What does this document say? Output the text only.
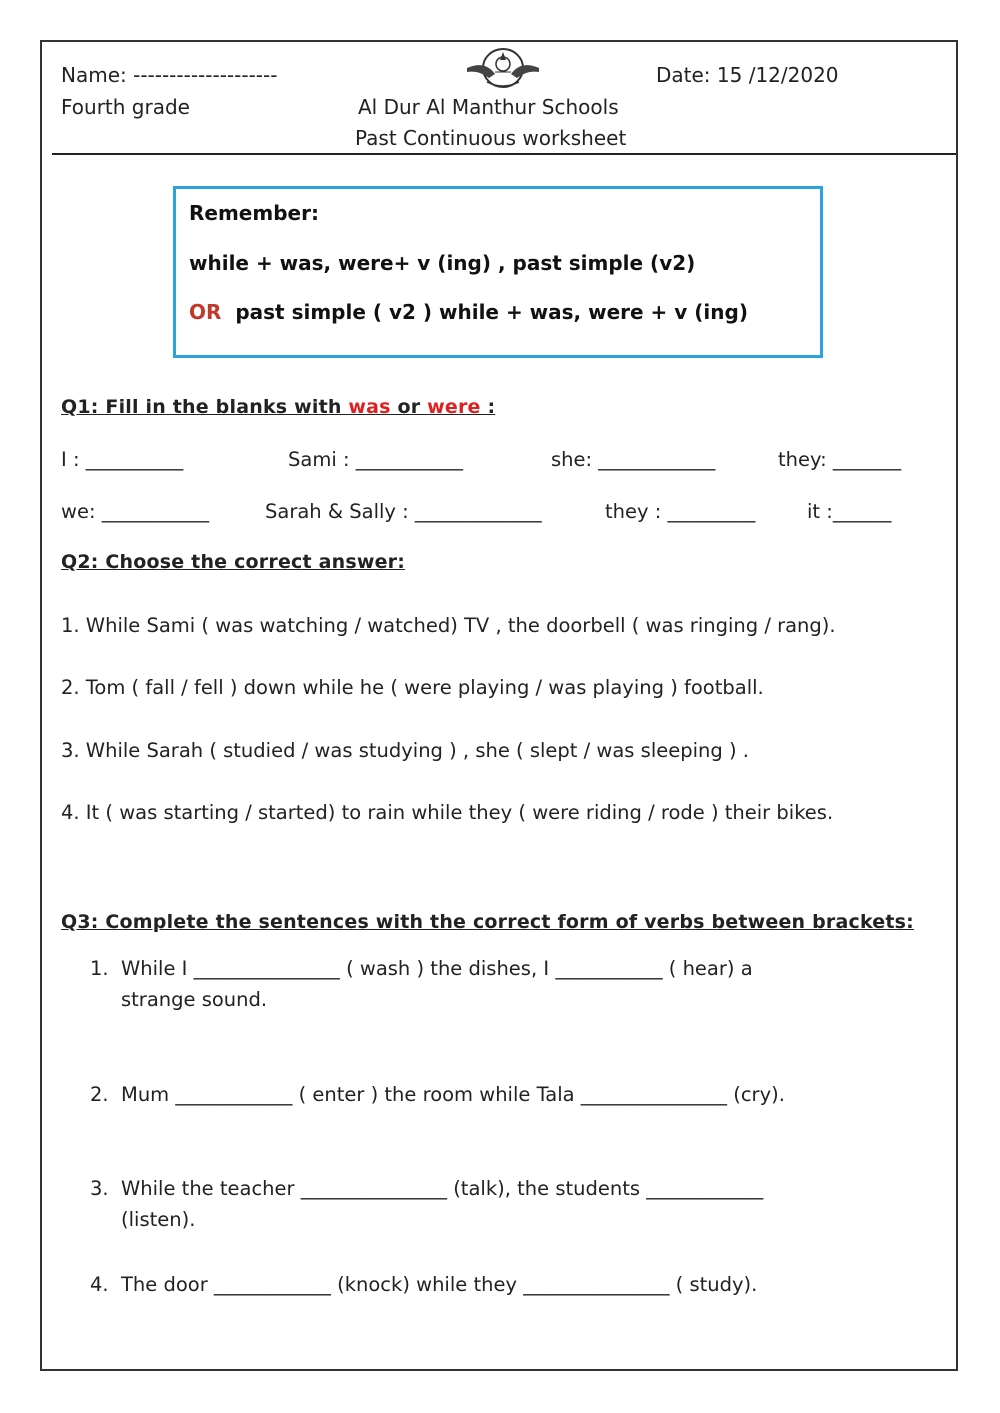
Name: --------------------
Fourth grade
Date: 15 /12/2020
Al Dur Al Manthur Schools
Past Continuous worksheet
Remember:
while + was, were+ v (ing) , past simple (v2)
OR past simple ( v2 ) while + was, were + v (ing)
Q1: Fill in the blanks with was or were :
I : __________	Sami : ___________	she: ____________	they: _______
we: ___________	Sarah & Sally : _____________	they : _________	it :______
Q2: Choose the correct answer:
1. While Sami ( was watching / watched) TV , the doorbell ( was ringing / rang).
2. Tom ( fall / fell ) down while he ( were playing / was playing ) football.
3. While Sarah ( studied / was studying ) , she ( slept / was sleeping ) .
4. It ( was starting / started) to rain while they ( were riding / rode ) their bikes.
Q3: Complete the sentences with the correct form of verbs between brackets:
1. While I _______________ ( wash ) the dishes, I ___________ ( hear) a
strange sound.
2. Mum ____________ ( enter ) the room while Tala _______________ (cry).
3. While the teacher _______________ (talk), the students ____________
(listen).
4. The door ____________ (knock) while they _______________ ( study).
